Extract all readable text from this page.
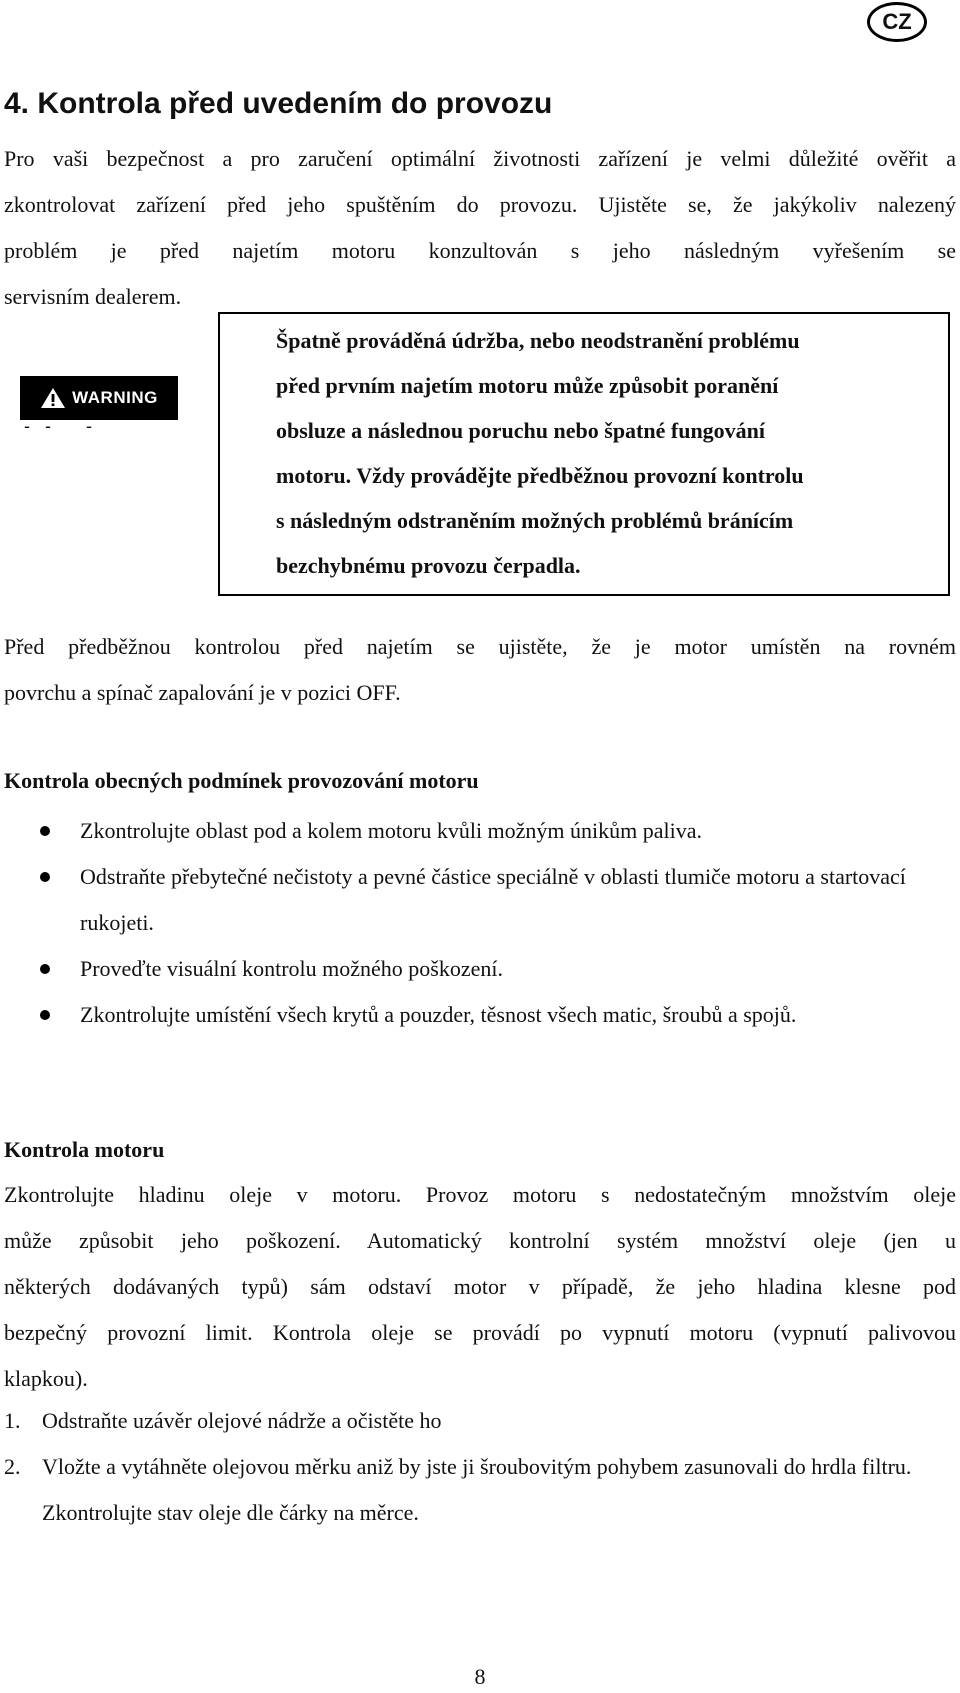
CZ
4. Kontrola před uvedením do provozu
Pro vaši bezpečnost a pro zaručení optimální životnosti zařízení je velmi důležité ověřit a
zkontrolovat zařízení před jeho spuštěním do provozu. Ujistěte se, že jakýkoliv nalezený
problém je před najetím motoru konzultován s jeho následným vyřešením se
servisním dealerem.
WARNING
-   -       -
Špatně prováděná údržba, nebo neodstranění problému
před prvním najetím motoru může způsobit poranění
obsluze a následnou poruchu nebo špatné fungování
motoru. Vždy provádějte předběžnou provozní kontrolu
s následným odstraněním možných problémů bránícím
bezchybnému provozu čerpadla.
Před předběžnou kontrolou před najetím se ujistěte, že je motor umístěn na rovném
povrchu a spínač zapalování je v pozici OFF.
Kontrola obecných podmínek provozování motoru
Zkontrolujte oblast pod a kolem motoru kvůli možným únikům paliva.
Odstraňte přebytečné nečistoty a pevné částice speciálně v oblasti tlumiče motoru a startovací rukojeti.
Proveďte visuální kontrolu možného poškození.
Zkontrolujte umístění všech krytů a pouzder, těsnost všech matic, šroubů a spojů.
Kontrola motoru
Zkontrolujte hladinu oleje v motoru. Provoz motoru s nedostatečným množstvím oleje
může způsobit jeho poškození. Automatický kontrolní systém množství oleje (jen u
některých dodávaných typů) sám odstaví motor v případě, že jeho hladina klesne pod
bezpečný provozní limit. Kontrola oleje se provádí po vypnutí motoru (vypnutí palivovou
klapkou).
1. Odstraňte uzávěr olejové nádrže a očistěte ho
2. Vložte a vytáhněte olejovou měrku aniž by jste ji šroubovitým pohybem zasunovali do hrdla filtru. Zkontrolujte stav oleje dle čárky na měrce.
8
